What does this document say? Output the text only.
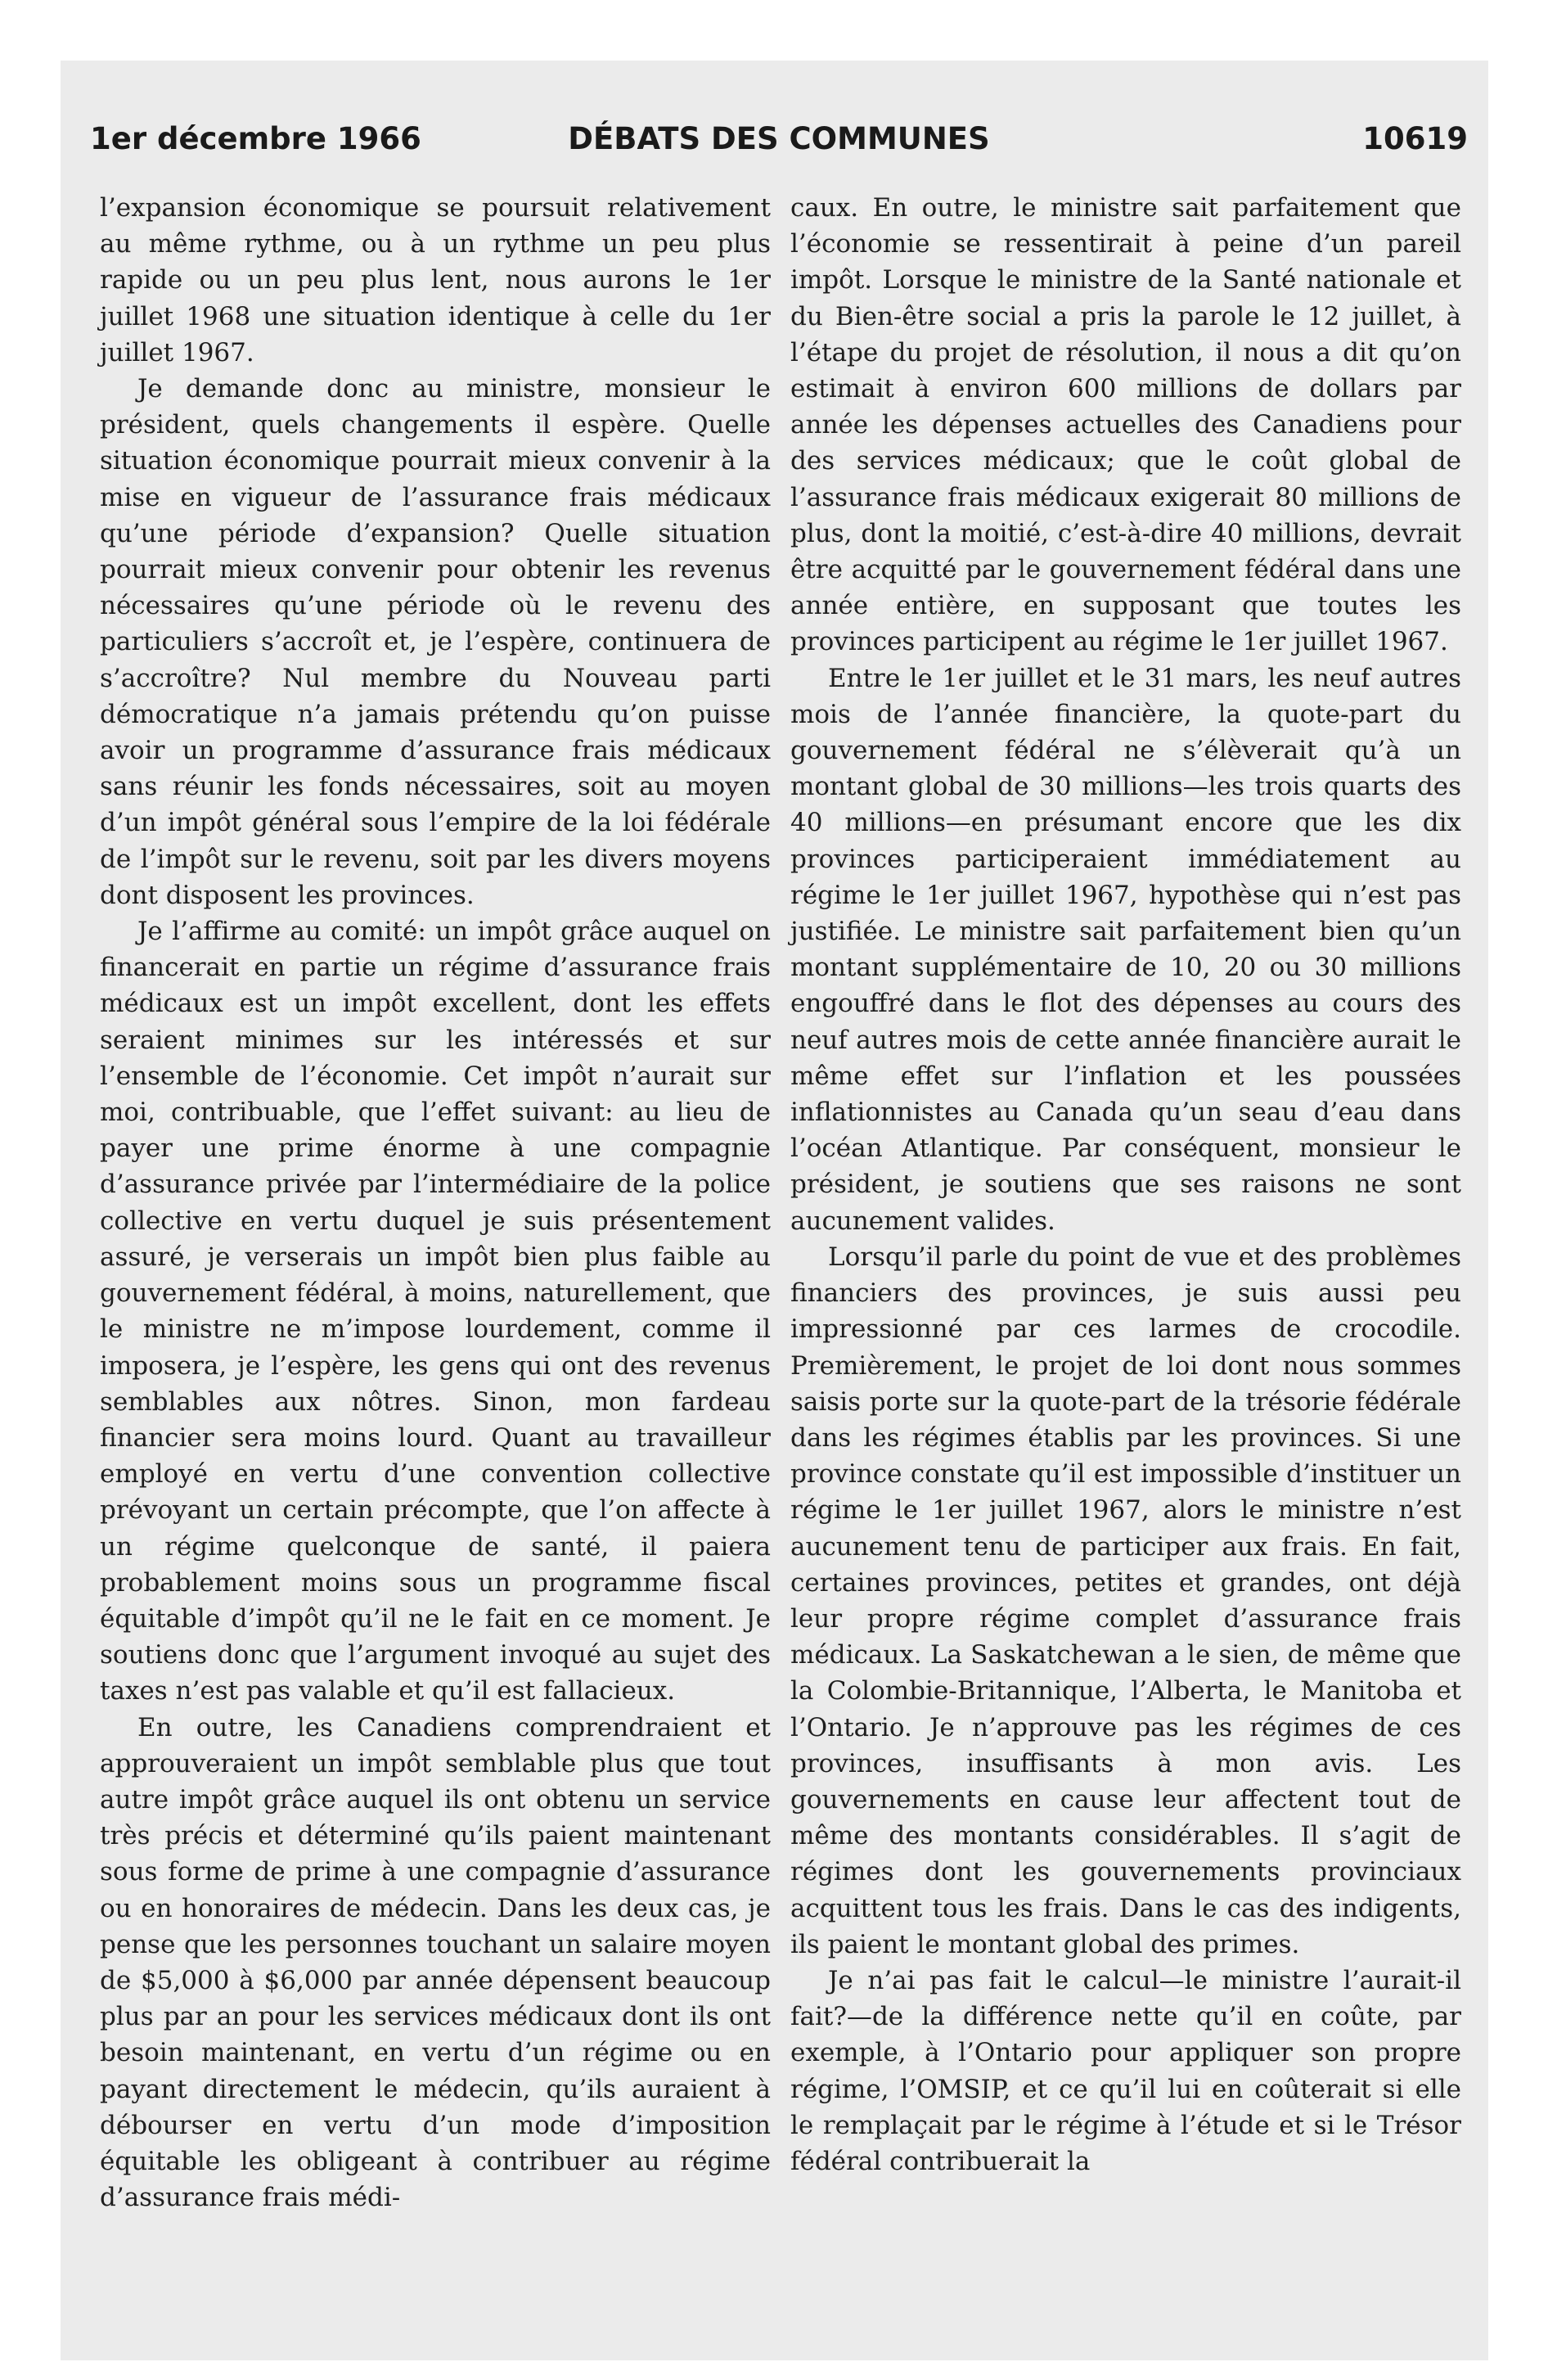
1er décembre 1966	DÉBATS DES COMMUNES	10619

l’expansion économique se poursuit relativement au même rythme, ou à un rythme un peu plus rapide ou un peu plus lent, nous aurons le 1er juillet 1968 une situation identique à celle du 1er juillet 1967.

Je demande donc au ministre, monsieur le président, quels changements il espère. Quelle situation économique pourrait mieux convenir à la mise en vigueur de l’assurance frais médicaux qu’une période d’expansion? Quelle situation pourrait mieux convenir pour obtenir les revenus nécessaires qu’une période où le revenu des particuliers s’accroît et, je l’espère, continuera de s’accroître? Nul membre du Nouveau parti démocratique n’a jamais prétendu qu’on puisse avoir un programme d’assurance frais médicaux sans réunir les fonds nécessaires, soit au moyen d’un impôt général sous l’empire de la loi fédérale de l’impôt sur le revenu, soit par les divers moyens dont disposent les provinces.

Je l’affirme au comité: un impôt grâce auquel on financerait en partie un régime d’assurance frais médicaux est un impôt excellent, dont les effets seraient minimes sur les intéressés et sur l’ensemble de l’économie. Cet impôt n’aurait sur moi, contribuable, que l’effet suivant: au lieu de payer une prime énorme à une compagnie d’assurance privée par l’intermédiaire de la police collective en vertu duquel je suis présentement assuré, je verserais un impôt bien plus faible au gouvernement fédéral, à moins, naturellement, que le ministre ne m’impose lourdement, comme il imposera, je l’espère, les gens qui ont des revenus semblables aux nôtres. Sinon, mon fardeau financier sera moins lourd. Quant au travailleur employé en vertu d’une convention collective prévoyant un certain précompte, que l’on affecte à un régime quelconque de santé, il paiera probablement moins sous un programme fiscal équitable d’impôt qu’il ne le fait en ce moment. Je soutiens donc que l’argument invoqué au sujet des taxes n’est pas valable et qu’il est fallacieux.

En outre, les Canadiens comprendraient et approuveraient un impôt semblable plus que tout autre impôt grâce auquel ils ont obtenu un service très précis et déterminé qu’ils paient maintenant sous forme de prime à une compagnie d’assurance ou en honoraires de médecin. Dans les deux cas, je pense que les personnes touchant un salaire moyen de $5,000 à $6,000 par année dépensent beaucoup plus par an pour les services médicaux dont ils ont besoin maintenant, en vertu d’un régime ou en payant directement le médecin, qu’ils auraient à débourser en vertu d’un mode d’imposition équitable les obligeant à contribuer au régime d’assurance frais médi-

caux. En outre, le ministre sait parfaitement que l’économie se ressentirait à peine d’un pareil impôt. Lorsque le ministre de la Santé nationale et du Bien-être social a pris la parole le 12 juillet, à l’étape du projet de résolution, il nous a dit qu’on estimait à environ 600 millions de dollars par année les dépenses actuelles des Canadiens pour des services médicaux; que le coût global de l’assurance frais médicaux exigerait 80 millions de plus, dont la moitié, c’est-à-dire 40 millions, devrait être acquitté par le gouvernement fédéral dans une année entière, en supposant que toutes les provinces participent au régime le 1er juillet 1967.

Entre le 1er juillet et le 31 mars, les neuf autres mois de l’année financière, la quote-part du gouvernement fédéral ne s’élèverait qu’à un montant global de 30 millions—les trois quarts des 40 millions—en présumant encore que les dix provinces participeraient immédiatement au régime le 1er juillet 1967, hypothèse qui n’est pas justifiée. Le ministre sait parfaitement bien qu’un montant supplémentaire de 10, 20 ou 30 millions engouffré dans le flot des dépenses au cours des neuf autres mois de cette année financière aurait le même effet sur l’inflation et les poussées inflationnistes au Canada qu’un seau d’eau dans l’océan Atlantique. Par conséquent, monsieur le président, je soutiens que ses raisons ne sont aucunement valides.

Lorsqu’il parle du point de vue et des problèmes financiers des provinces, je suis aussi peu impressionné par ces larmes de crocodile. Premièrement, le projet de loi dont nous sommes saisis porte sur la quote-part de la trésorie fédérale dans les régimes établis par les provinces. Si une province constate qu’il est impossible d’instituer un régime le 1er juillet 1967, alors le ministre n’est aucunement tenu de participer aux frais. En fait, certaines provinces, petites et grandes, ont déjà leur propre régime complet d’assurance frais médicaux. La Saskatchewan a le sien, de même que la Colombie-Britannique, l’Alberta, le Manitoba et l’Ontario. Je n’approuve pas les régimes de ces provinces, insuffisants à mon avis. Les gouvernements en cause leur affectent tout de même des montants considérables. Il s’agit de régimes dont les gouvernements provinciaux acquittent tous les frais. Dans le cas des indigents, ils paient le montant global des primes.

Je n’ai pas fait le calcul—le ministre l’aurait-il fait?—de la différence nette qu’il en coûte, par exemple, à l’Ontario pour appliquer son propre régime, l’OMSIP, et ce qu’il lui en coûterait si elle le remplaçait par le régime à l’étude et si le Trésor fédéral contribuerait la
